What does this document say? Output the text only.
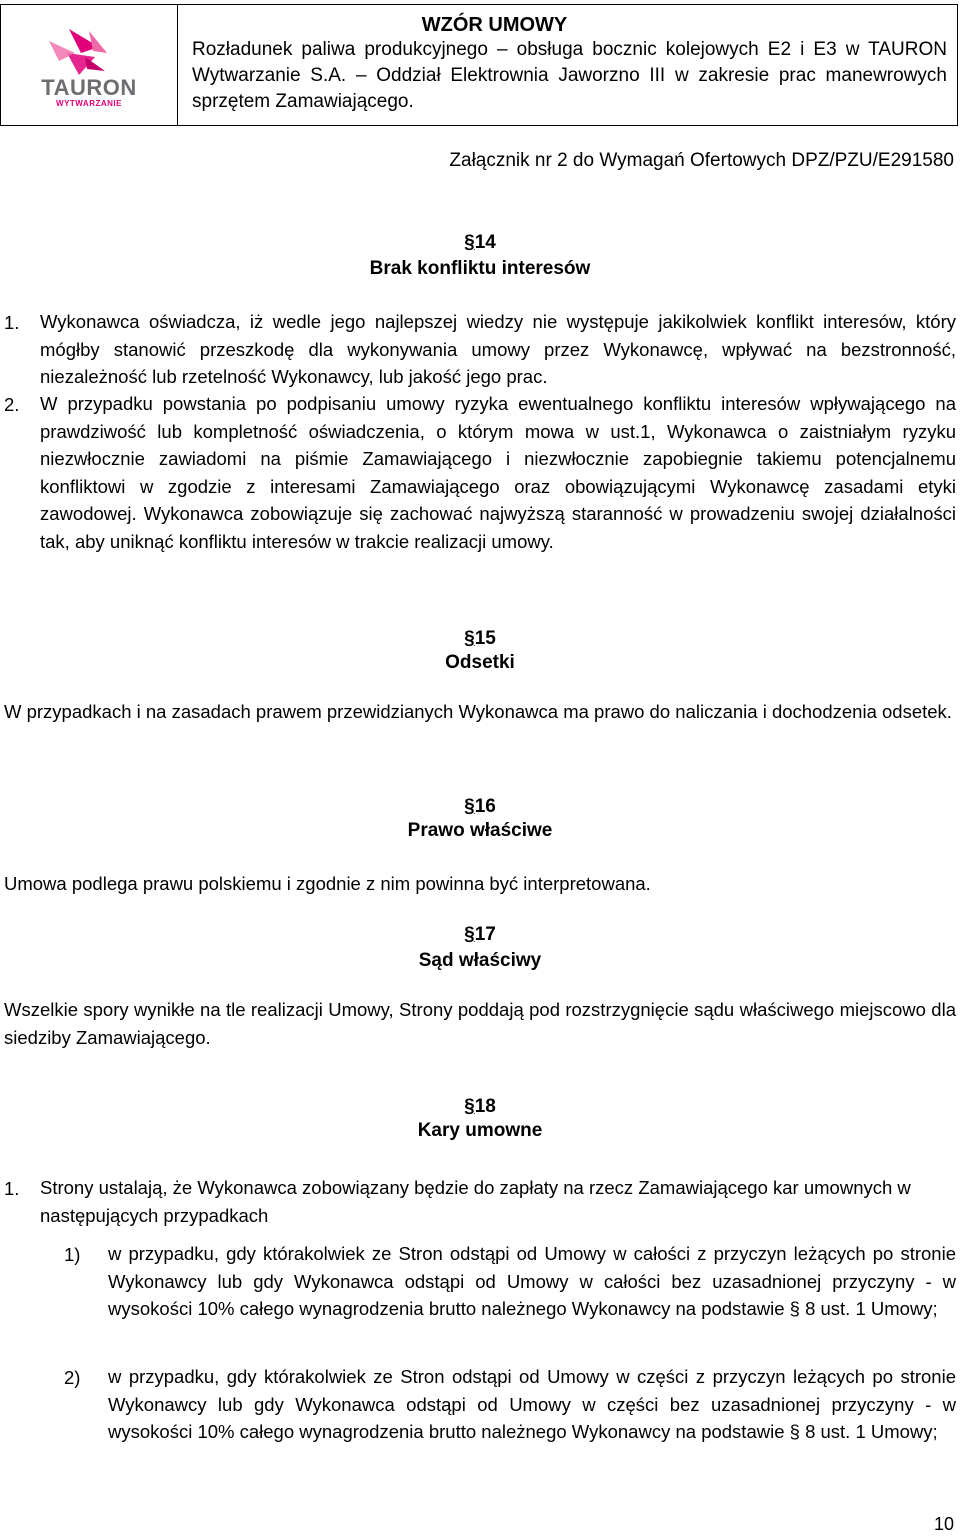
TAURON
WYTWARZANIE
WZÓR UMOWY
Rozładunek paliwa produkcyjnego – obsługa bocznic kolejowych E2 i E3 w TAURON Wytwarzanie S.A. – Oddział Elektrownia Jaworzno III w zakresie prac manewrowych sprzętem Zamawiającego.
Załącznik nr 2 do Wymagań Ofertowych DPZ/PZU/E291580
§14
Brak konfliktu interesów
1. Wykonawca oświadcza, iż wedle jego najlepszej wiedzy nie występuje jakikolwiek konflikt interesów, który mógłby stanowić przeszkodę dla wykonywania umowy przez Wykonawcę, wpływać na bezstronność, niezależność lub rzetelność Wykonawcy, lub jakość jego prac.
2. W przypadku powstania po podpisaniu umowy ryzyka ewentualnego konfliktu interesów wpływającego na prawdziwość lub kompletność oświadczenia, o którym mowa w ust.1, Wykonawca o zaistniałym ryzyku niezwłocznie zawiadomi na piśmie Zamawiającego i niezwłocznie zapobiegnie takiemu potencjalnemu konfliktowi w zgodzie z interesami Zamawiającego oraz obowiązującymi Wykonawcę zasadami etyki zawodowej. Wykonawca zobowiązuje się zachować najwyższą staranność w prowadzeniu swojej działalności tak, aby uniknąć konfliktu interesów w trakcie realizacji umowy.
§15
Odsetki
W przypadkach i na zasadach prawem przewidzianych Wykonawca ma prawo do naliczania i dochodzenia odsetek.
§16
Prawo właściwe
Umowa podlega prawu polskiemu i zgodnie z nim powinna być interpretowana.
§17
Sąd właściwy
Wszelkie spory wynikłe na tle realizacji Umowy, Strony poddają pod rozstrzygnięcie sądu właściwego miejscowo dla siedziby Zamawiającego.
§18
Kary umowne
1. Strony ustalają, że Wykonawca zobowiązany będzie do zapłaty na rzecz Zamawiającego kar umownych w następujących przypadkach
1) w przypadku, gdy którakolwiek ze Stron odstąpi od Umowy w całości z przyczyn leżących po stronie Wykonawcy lub gdy Wykonawca odstąpi od Umowy w całości bez uzasadnionej przyczyny - w wysokości 10% całego wynagrodzenia brutto należnego Wykonawcy na podstawie § 8 ust. 1 Umowy;
2) w przypadku, gdy którakolwiek ze Stron odstąpi od Umowy w części z przyczyn leżących po stronie Wykonawcy lub gdy Wykonawca odstąpi od Umowy w części bez uzasadnionej przyczyny - w wysokości 10% całego wynagrodzenia brutto należnego Wykonawcy na podstawie § 8 ust. 1 Umowy;
10
